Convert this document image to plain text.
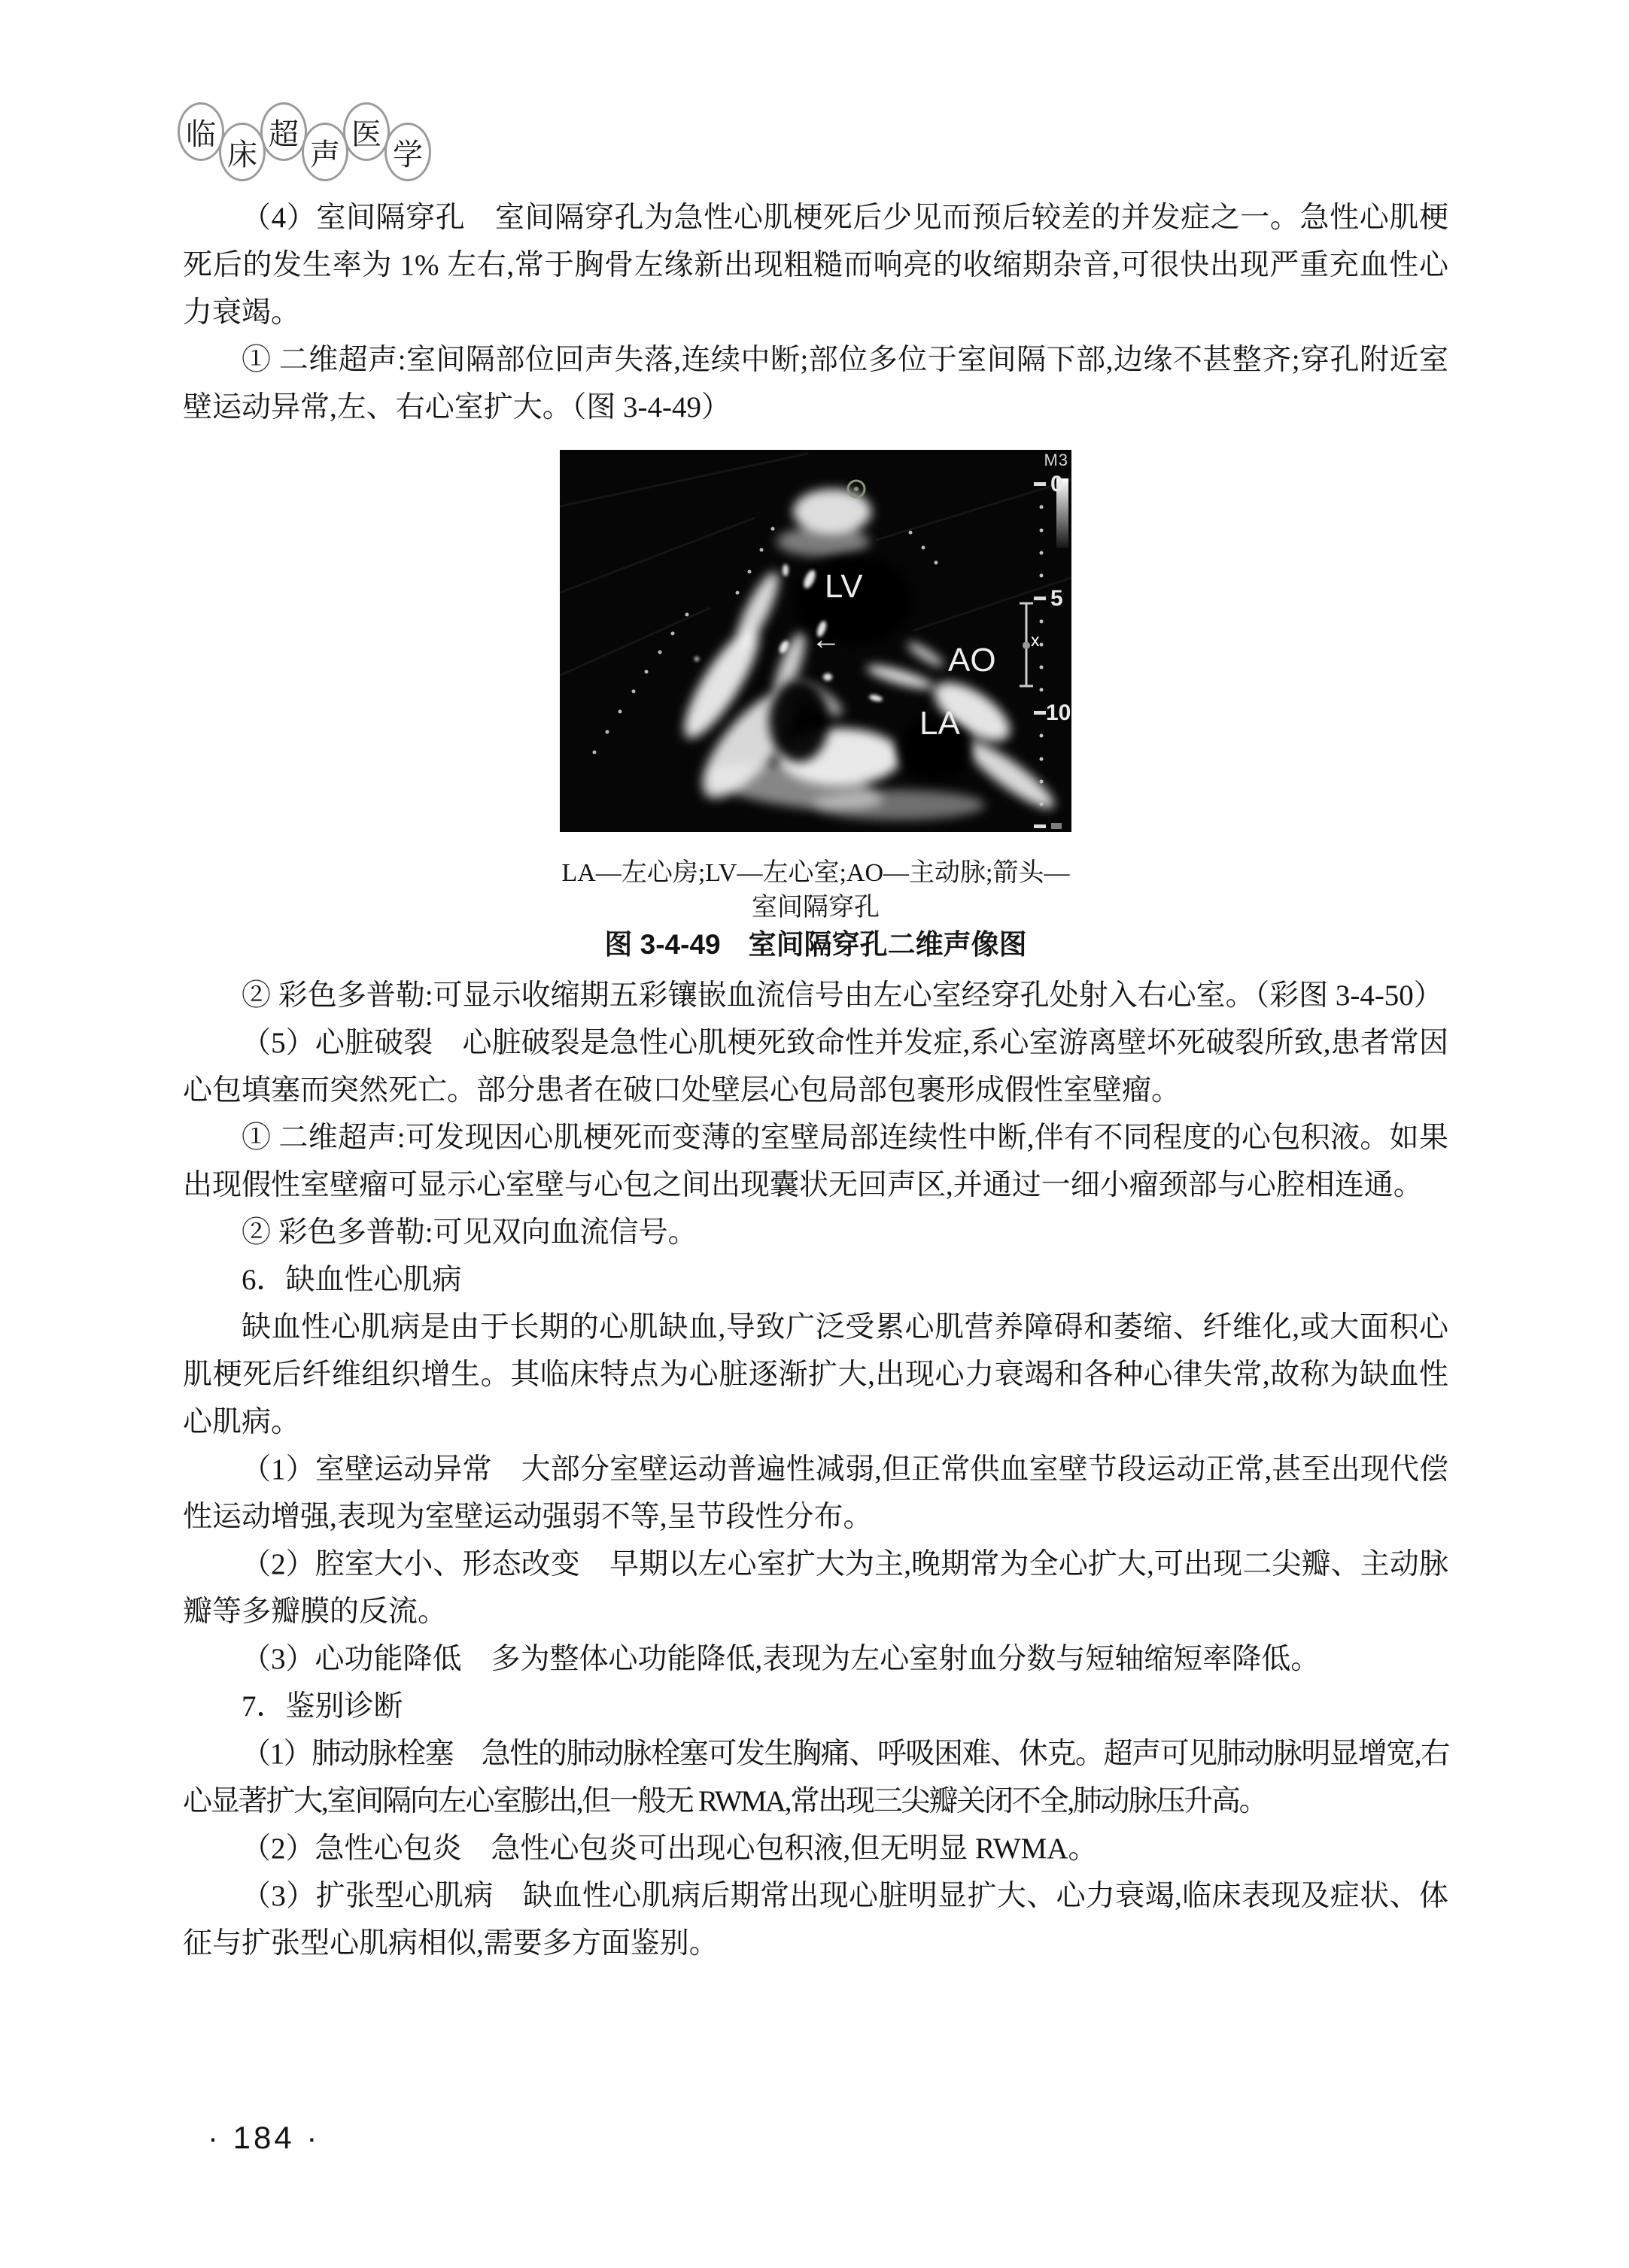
临
床
超
声
医
学

（4）室间隔穿孔　室间隔穿孔为急性心肌梗死后少见而预后较差的并发症之一。急性心肌梗死后的发生率为 1% 左右,常于胸骨左缘新出现粗糙而响亮的收缩期杂音,可很快出现严重充血性心力衰竭。

① 二维超声:室间隔部位回声失落,连续中断;部位多位于室间隔下部,边缘不甚整齐;穿孔附近室壁运动异常,左、右心室扩大。（图 3-4-49）

LV
←
AO
LA
M3
0
5
10
x
LA—左心房;LV—左心室;AO—主动脉;箭头—室间隔穿孔
图 3-4-49　室间隔穿孔二维声像图

② 彩色多普勒:可显示收缩期五彩镶嵌血流信号由左心室经穿孔处射入右心室。（彩图 3-4-50）

（5）心脏破裂　心脏破裂是急性心肌梗死致命性并发症,系心室游离壁坏死破裂所致,患者常因心包填塞而突然死亡。部分患者在破口处壁层心包局部包裹形成假性室壁瘤。

① 二维超声:可发现因心肌梗死而变薄的室壁局部连续性中断,伴有不同程度的心包积液。如果出现假性室壁瘤可显示心室壁与心包之间出现囊状无回声区,并通过一细小瘤颈部与心腔相连通。

② 彩色多普勒:可见双向血流信号。

6．缺血性心肌病

缺血性心肌病是由于长期的心肌缺血,导致广泛受累心肌营养障碍和萎缩、纤维化,或大面积心肌梗死后纤维组织增生。其临床特点为心脏逐渐扩大,出现心力衰竭和各种心律失常,故称为缺血性心肌病。

（1）室壁运动异常　大部分室壁运动普遍性减弱,但正常供血室壁节段运动正常,甚至出现代偿性运动增强,表现为室壁运动强弱不等,呈节段性分布。

（2）腔室大小、形态改变　早期以左心室扩大为主,晚期常为全心扩大,可出现二尖瓣、主动脉瓣等多瓣膜的反流。

（3）心功能降低　多为整体心功能降低,表现为左心室射血分数与短轴缩短率降低。

7．鉴别诊断

（1）肺动脉栓塞　急性的肺动脉栓塞可发生胸痛、呼吸困难、休克。超声可见肺动脉明显增宽,右心显著扩大,室间隔向左心室膨出,但一般无 RWMA,常出现三尖瓣关闭不全,肺动脉压升高。

（2）急性心包炎　急性心包炎可出现心包积液,但无明显 RWMA。

（3）扩张型心肌病　缺血性心肌病后期常出现心脏明显扩大、心力衰竭,临床表现及症状、体征与扩张型心肌病相似,需要多方面鉴别。

· 184 ·
